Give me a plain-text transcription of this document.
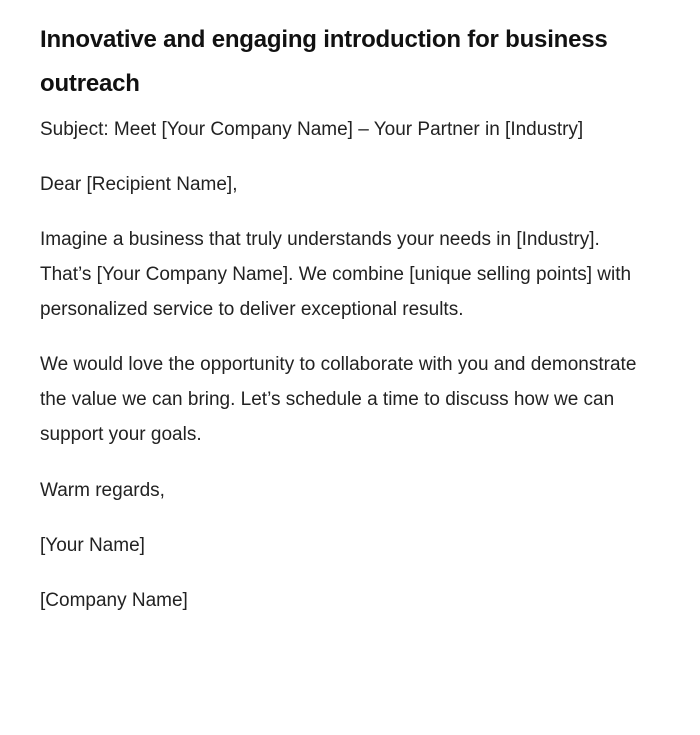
Innovative and engaging introduction for business outreach

Subject: Meet [Your Company Name] – Your Partner in [Industry]

Dear [Recipient Name],

Imagine a business that truly understands your needs in [Industry]. That’s [Your Company Name]. We combine [unique selling points] with personalized service to deliver exceptional results.

We would love the opportunity to collaborate with you and demonstrate the value we can bring. Let’s schedule a time to discuss how we can support your goals.

Warm regards,

[Your Name]

[Company Name]
